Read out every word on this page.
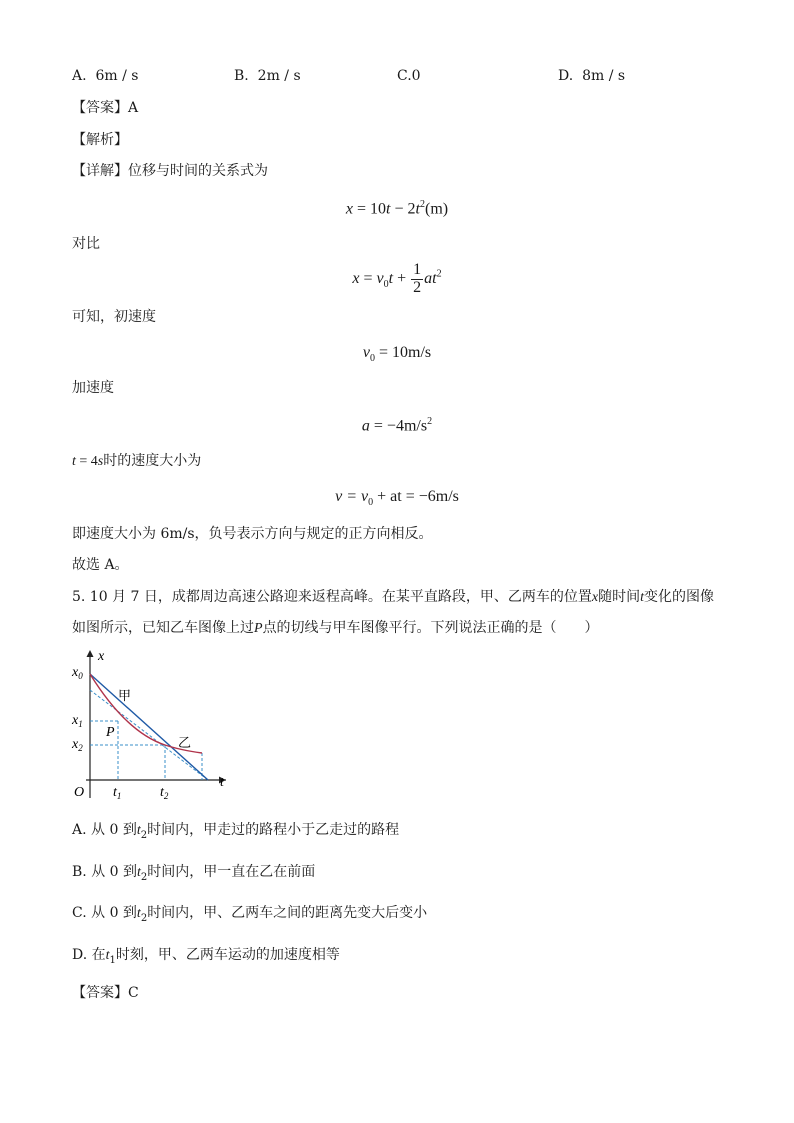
A. 6m / s	B. 2m / s	C.0	D. 8m / s
【答案】A
【解析】
【详解】位移与时间的关系式为
$x = 10t - 2t^2(m)$
对比
$x = v_0t + \frac{1}{2} at^2$
可知，初速度
$v_0 = 10m/s$
加速度
$a = -4m/s^2$
t = 4s时的速度大小为
$v = v_0$ + at = −6m/s
即速度大小为 6m/s，负号表示方向与规定的正方向相反。
故选 A。
5. 10 月 7 日，成都周边高速公路迎来返程高峰。在某平直路段，甲、乙两车的位置x随时间t变化的图像
如图所示，已知乙车图像上过P点的切线与甲车图像平行。下列说法正确的是（　　）
x
t
O
$x_0$
$x_1$
$x_2$
$t_1$	$t_2$
甲
乙
P
A. 从 0 到$t_2$时间内，甲走过的路程小于乙走过的路程
B. 从 0 到$t_2$时间内，甲一直在乙在前面
C. 从 0 到$t_2$时间内，甲、乙两车之间的距离先变大后变小
D. 在$t_1$时刻，甲、乙两车运动的加速度相等
【答案】C
